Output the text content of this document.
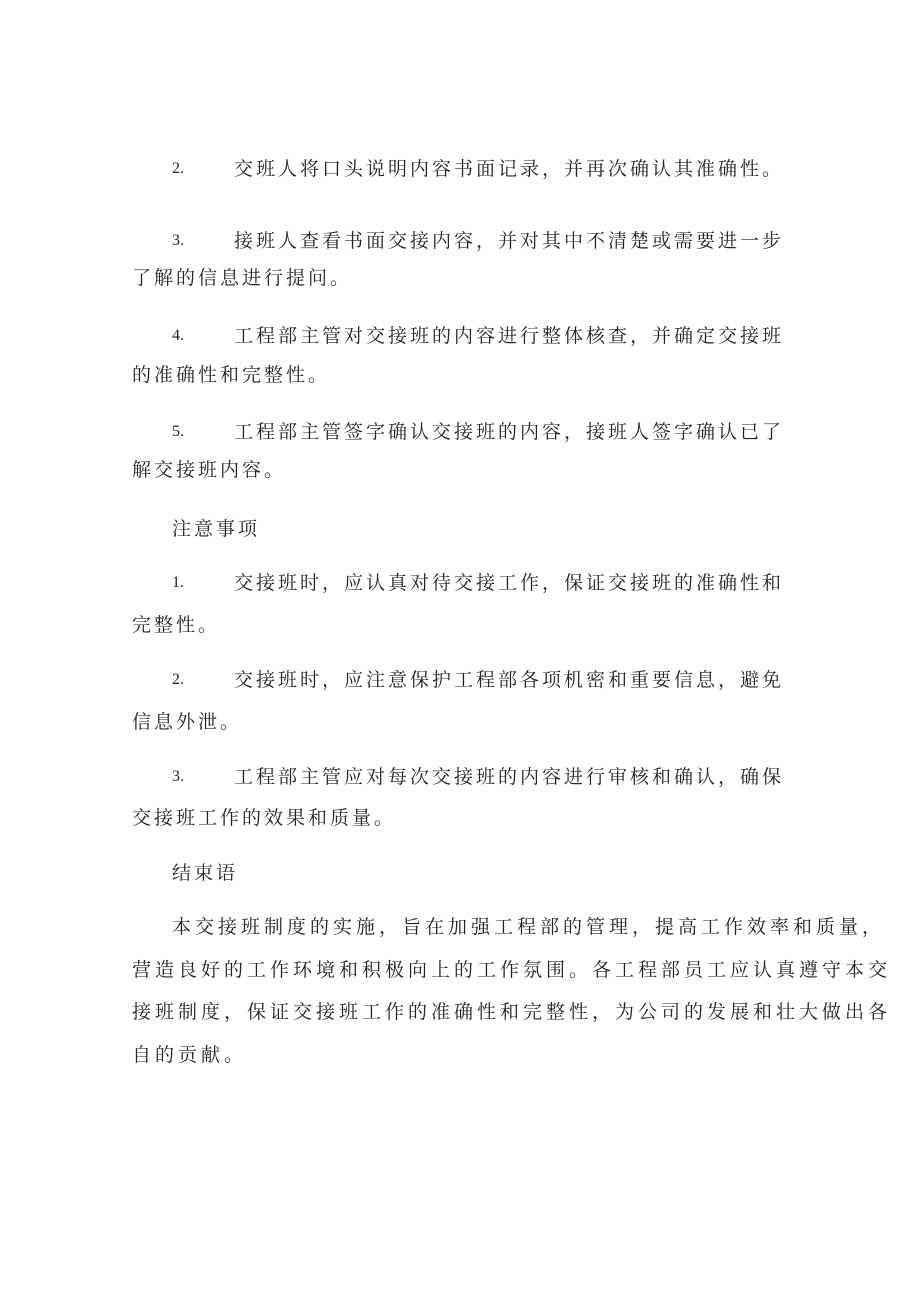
2.	交班人将口头说明内容书面记录，并再次确认其准确性。
3.	接班人查看书面交接内容，并对其中不清楚或需要进一步
了解的信息进行提问。
4.	工程部主管对交接班的内容进行整体核查，并确定交接班
的准确性和完整性。
5.	工程部主管签字确认交接班的内容，接班人签字确认已了
解交接班内容。
注意事项
1.	交接班时，应认真对待交接工作，保证交接班的准确性和
完整性。
2.	交接班时，应注意保护工程部各项机密和重要信息，避免
信息外泄。
3.	工程部主管应对每次交接班的内容进行审核和确认，确保
交接班工作的效果和质量。
结束语
本交接班制度的实施，旨在加强工程部的管理，提高工作效率和质量，
营造良好的工作环境和积极向上的工作氛围。各工程部员工应认真遵守本交
接班制度，保证交接班工作的准确性和完整性，为公司的发展和壮大做出各
自的贡献。
